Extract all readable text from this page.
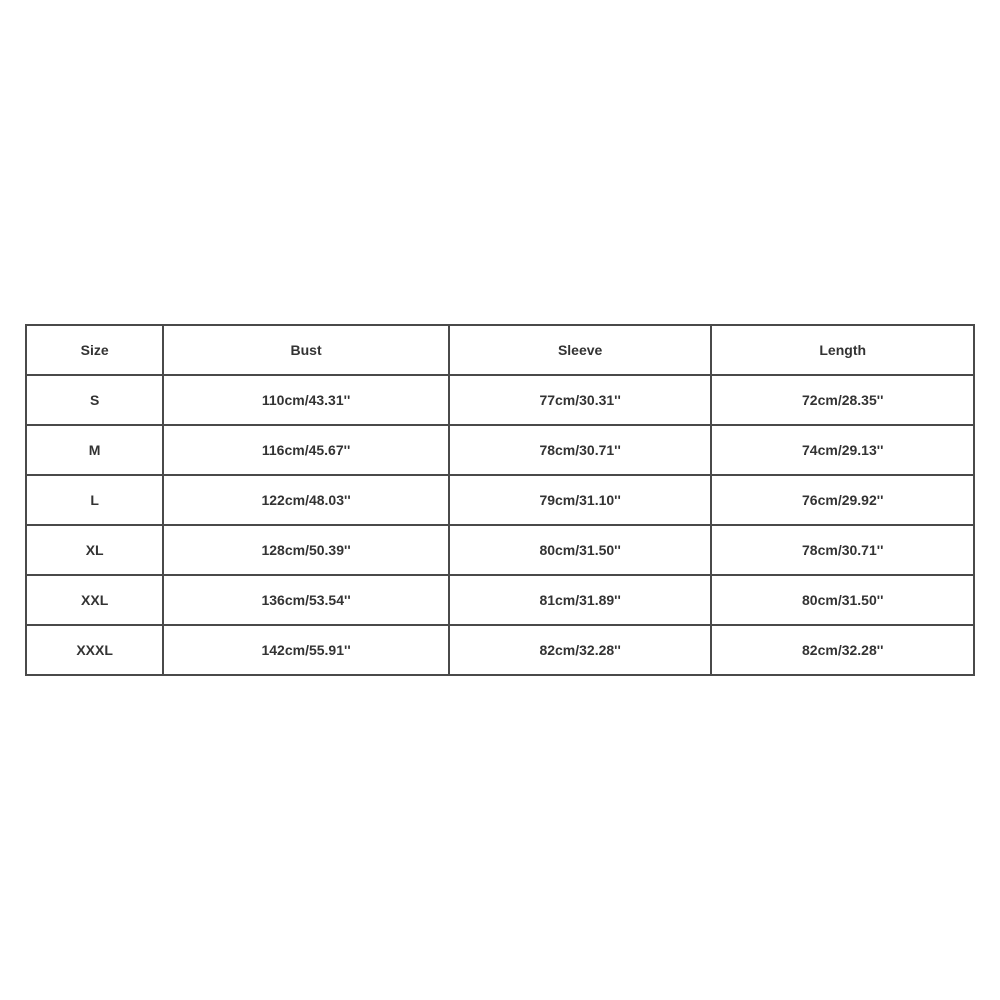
Size	Bust	Sleeve	Length
S	110cm/43.31''	77cm/30.31''	72cm/28.35''
M	116cm/45.67''	78cm/30.71''	74cm/29.13''
L	122cm/48.03''	79cm/31.10''	76cm/29.92''
XL	128cm/50.39''	80cm/31.50''	78cm/30.71''
XXL	136cm/53.54''	81cm/31.89''	80cm/31.50''
XXXL	142cm/55.91''	82cm/32.28''	82cm/32.28''
